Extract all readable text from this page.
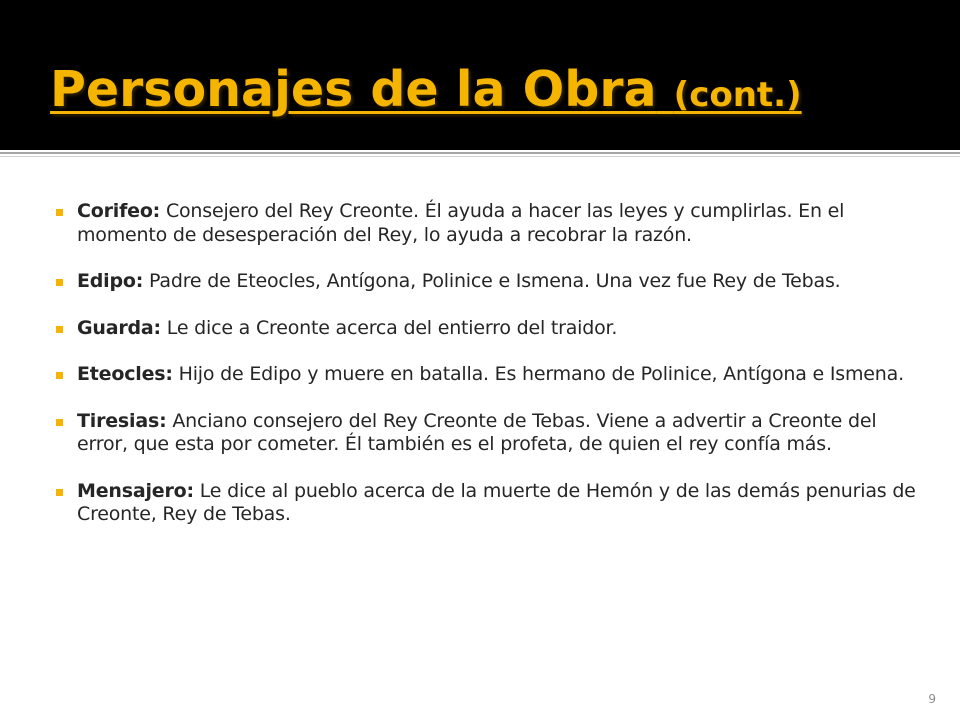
Personajes de la Obra (cont.)
Corifeo: Consejero del Rey Creonte. Él ayuda a hacer las leyes y cumplirlas. En el momento de desesperación del Rey, lo ayuda a recobrar la razón.
Edipo: Padre de Eteocles, Antígona, Polinice e Ismena. Una vez fue Rey de Tebas.
Guarda: Le dice a Creonte acerca del entierro del traidor.
Eteocles: Hijo de Edipo y muere en batalla. Es hermano de Polinice, Antígona e Ismena.
Tiresias: Anciano consejero del Rey Creonte de Tebas. Viene a advertir a Creonte del error, que esta por cometer. Él también es el profeta, de quien el rey confía más.
Mensajero: Le dice al pueblo acerca de la muerte de Hemón y de las demás penurias de Creonte, Rey de Tebas.
9
